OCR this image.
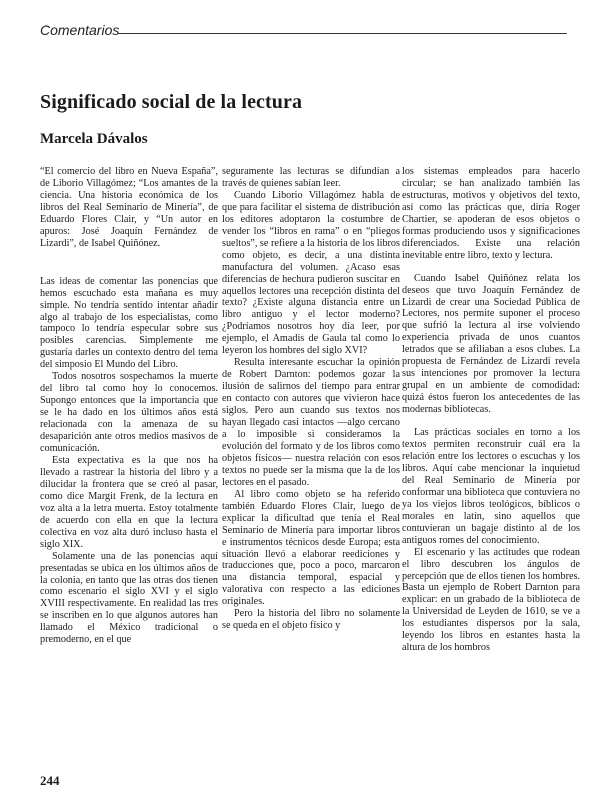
Comentarios
Significado social de la lectura
Marcela Dávalos

“El comercio del libro en Nueva España”, de Liborio Villagómez; “Los amantes de la ciencia. Una historia económica de los libros del Real Seminario de Minería”, de Eduardo Flores Clair, y “Un autor en apuros: José Joaquín Fernández de Lizardi”, de Isabel Quiñónez.

Las ideas de comentar las ponencias que hemos escuchado esta mañana es muy simple. No tendría sentido intentar añadir algo al trabajo de los especialistas, como tampoco lo tendría especular sobre sus posibles carencias. Simplemente me gustaría darles un contexto dentro del tema del simposio El Mundo del Libro.

Todos nosotros sospechamos la muerte del libro tal como hoy lo conocemos. Supongo entonces que la importancia que se le ha dado en los últimos años está relacionada con la amenaza de su desaparición ante otros medios masivos de comunicación.

Esta expectativa es la que nos ha llevado a rastrear la historia del libro y a dilucidar la frontera que se creó al pasar, como dice Margit Frenk, de la lectura en voz alta a la letra muerta. Estoy totalmente de acuerdo con ella en que la lectura colectiva en voz alta duró incluso hasta el siglo XIX.

Solamente una de las ponencias aquí presentadas se ubica en los últimos años de la colonia, en tanto que las otras dos tienen como escenario el siglo XVI y el siglo XVIII respectivamente. En realidad las tres se inscriben en lo que algunos autores han llamado el México tradicional o premoderno, en el que

seguramente las lecturas se difundían a través de quienes sabían leer.

Cuando Liborio Villagómez habla de que para facilitar el sistema de distribución los editores adoptaron la costumbre de vender los “libros en rama” o en “pliegos sueltos”, se refiere a la historia de los libros como objeto, es decir, a una distinta manufactura del volumen. ¿Acaso esas diferencias de hechura pudieron suscitar en aquellos lectores una recepción distinta del texto? ¿Existe alguna distancia entre un libro antiguo y el lector moderno? ¿Podríamos nosotros hoy día leer, por ejemplo, el Amadís de Gaula tal como lo leyeron los hombres del siglo XVI?

Resulta interesante escuchar la opinión de Robert Darnton: podemos gozar la ilusión de salirnos del tiempo para entrar en contacto con autores que vivieron hace siglos. Pero aun cuando sus textos nos hayan llegado casi intactos —algo cercano a lo imposible si consideramos la evolución del formato y de los libros como objetos físicos— nuestra relación con esos textos no puede ser la misma que la de los lectores en el pasado.

Al libro como objeto se ha referido también Eduardo Flores Clair, luego de explicar la dificultad que tenía el Real Seminario de Minería para importar libros e instrumentos técnicos desde Europa; esta situación llevó a elaborar reediciones y traducciones que, poco a poco, marcaron una distancia temporal, espacial y valorativa con respecto a las ediciones originales.

Pero la historia del libro no solamente se queda en el objeto físico y

los sistemas empleados para hacerlo circular; se han analizado también las estructuras, motivos y objetivos del texto, así como las prácticas que, diría Roger Chartier, se apoderan de esos objetos o formas produciendo usos y significaciones diferenciados. Existe una relación inevitable entre libro, texto y lectura.

Cuando Isabel Quiñónez relata los deseos que tuvo Joaquín Fernández de Lizardi de crear una Sociedad Pública de Lectores, nos permite suponer el proceso que sufrió la lectura al irse volviendo experiencia privada de unos cuantos letrados que se afiliaban a esos clubes. La propuesta de Fernández de Lizardi revela sus intenciones por promover la lectura grupal en un ambiente de comodidad: quizá éstos fueron los antecedentes de las modernas bibliotecas.

Las prácticas sociales en torno a los textos permiten reconstruir cuál era la relación entre los lectores o escuchas y los libros. Aquí cabe mencionar la inquietud del Real Seminario de Minería por conformar una biblioteca que contuviera no ya los viejos libros teológicos, bíblicos o morales en latín, sino aquellos que contuvieran un bagaje distinto al de los antiguos romes del conocimiento.

El escenario y las actitudes que rodean el libro descubren los ángulos de percepción que de ellos tienen los hombres. Basta un ejemplo de Robert Darnton para explicar: en un grabado de la biblioteca de la Universidad de Leyden de 1610, se ve a los estudiantes dispersos por la sala, leyendo los libros en estantes hasta la altura de los hombros

244
